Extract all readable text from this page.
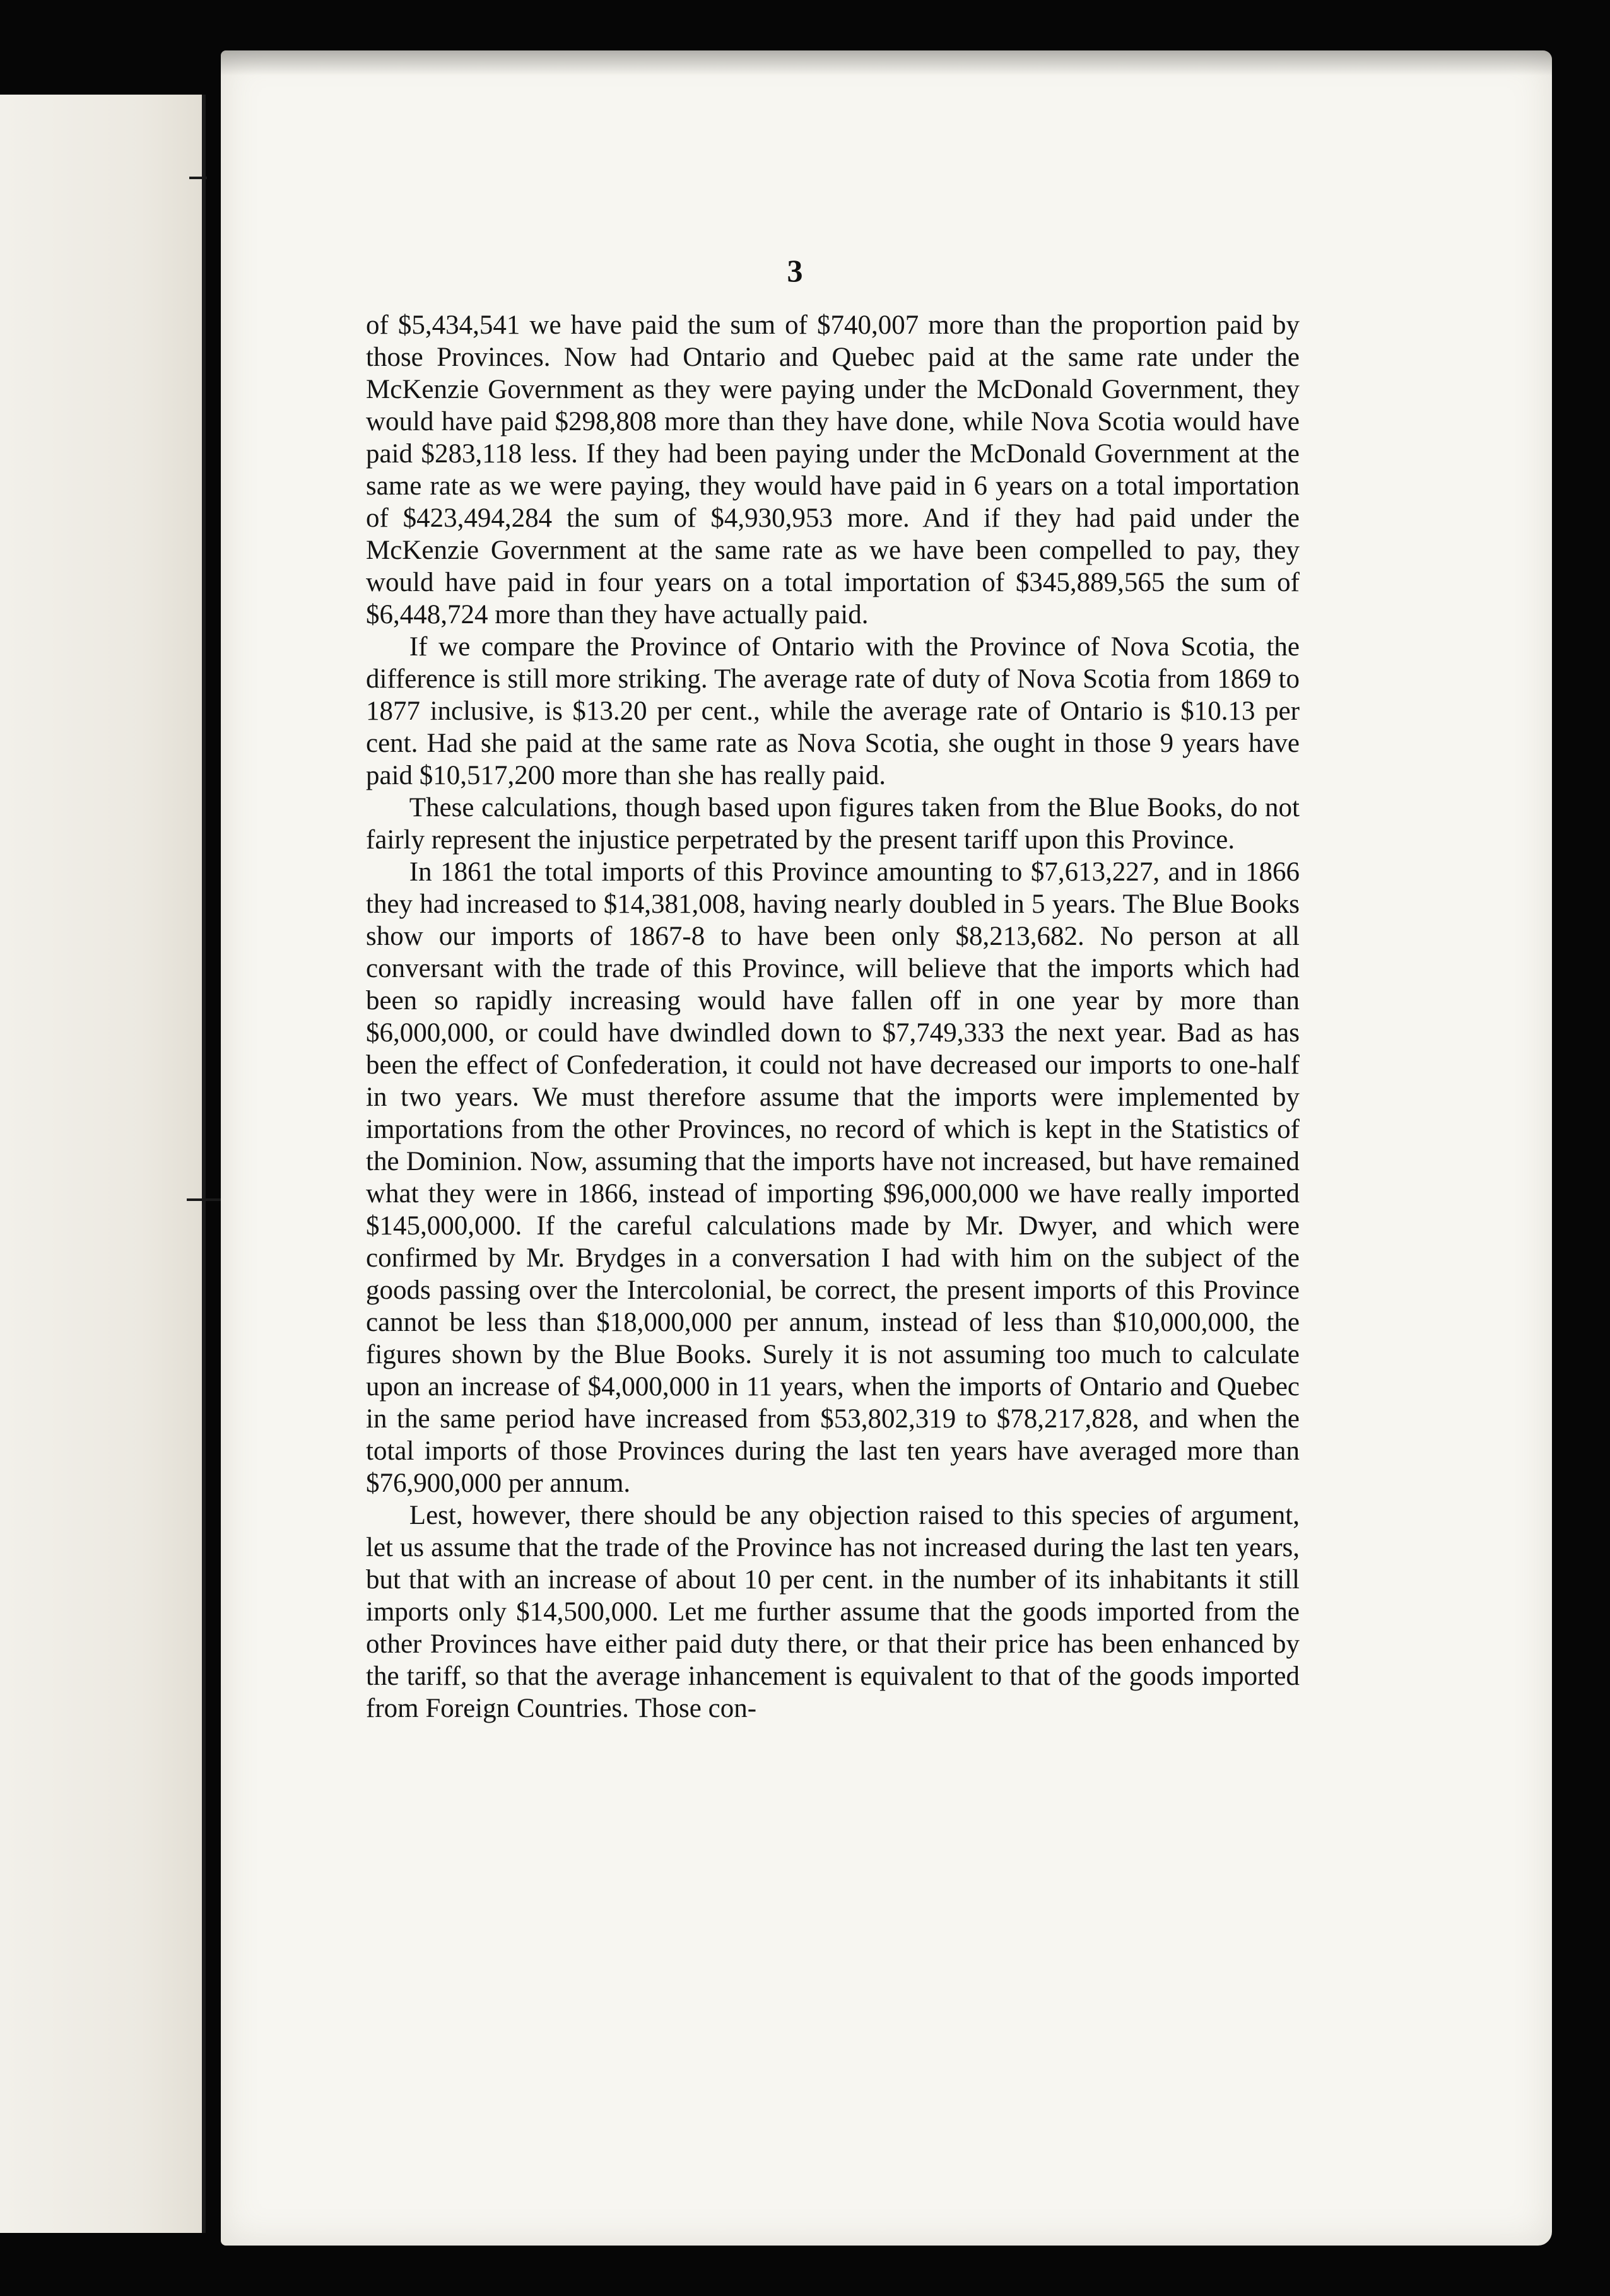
3

of $5,434,541 we have paid the sum of $740,007 more than the proportion paid by those Provinces. Now had Ontario and Quebec paid at the same rate under the McKenzie Government as they were paying under the McDonald Government, they would have paid $298,808 more than they have done, while Nova Scotia would have paid $283,118 less. If they had been paying under the McDonald Government at the same rate as we were paying, they would have paid in 6 years on a total importation of $423,494,284 the sum of $4,930,953 more. And if they had paid under the McKenzie Government at the same rate as we have been compelled to pay, they would have paid in four years on a total importation of $345,889,565 the sum of $6,448,724 more than they have actually paid.

If we compare the Province of Ontario with the Province of Nova Scotia, the difference is still more striking. The average rate of duty of Nova Scotia from 1869 to 1877 inclusive, is $13.20 per cent., while the average rate of Ontario is $10.13 per cent. Had she paid at the same rate as Nova Scotia, she ought in those 9 years have paid $10,517,200 more than she has really paid.

These calculations, though based upon figures taken from the Blue Books, do not fairly represent the injustice perpetrated by the present tariff upon this Province.

In 1861 the total imports of this Province amounting to $7,613,227, and in 1866 they had increased to $14,381,008, having nearly doubled in 5 years. The Blue Books show our imports of 1867-8 to have been only $8,213,682. No person at all conversant with the trade of this Province, will believe that the imports which had been so rapidly increasing would have fallen off in one year by more than $6,000,000, or could have dwindled down to $7,749,333 the next year. Bad as has been the effect of Confederation, it could not have decreased our imports to one-half in two years. We must therefore assume that the imports were implemented by importations from the other Provinces, no record of which is kept in the Statistics of the Dominion. Now, assuming that the imports have not increased, but have remained what they were in 1866, instead of importing $96,000,000 we have really imported $145,000,000. If the careful calculations made by Mr. Dwyer, and which were confirmed by Mr. Brydges in a conversation I had with him on the subject of the goods passing over the Intercolonial, be correct, the present imports of this Province cannot be less than $18,000,000 per annum, instead of less than $10,000,000, the figures shown by the Blue Books. Surely it is not assuming too much to calculate upon an increase of $4,000,000 in 11 years, when the imports of Ontario and Quebec in the same period have increased from $53,802,319 to $78,217,828, and when the total imports of those Provinces during the last ten years have averaged more than $76,900,000 per annum.

Lest, however, there should be any objection raised to this species of argument, let us assume that the trade of the Province has not increased during the last ten years, but that with an increase of about 10 per cent. in the number of its inhabitants it still imports only $14,500,000. Let me further assume that the goods imported from the other Provinces have either paid duty there, or that their price has been enhanced by the tariff, so that the average inhancement is equivalent to that of the goods imported from Foreign Countries. Those con-
